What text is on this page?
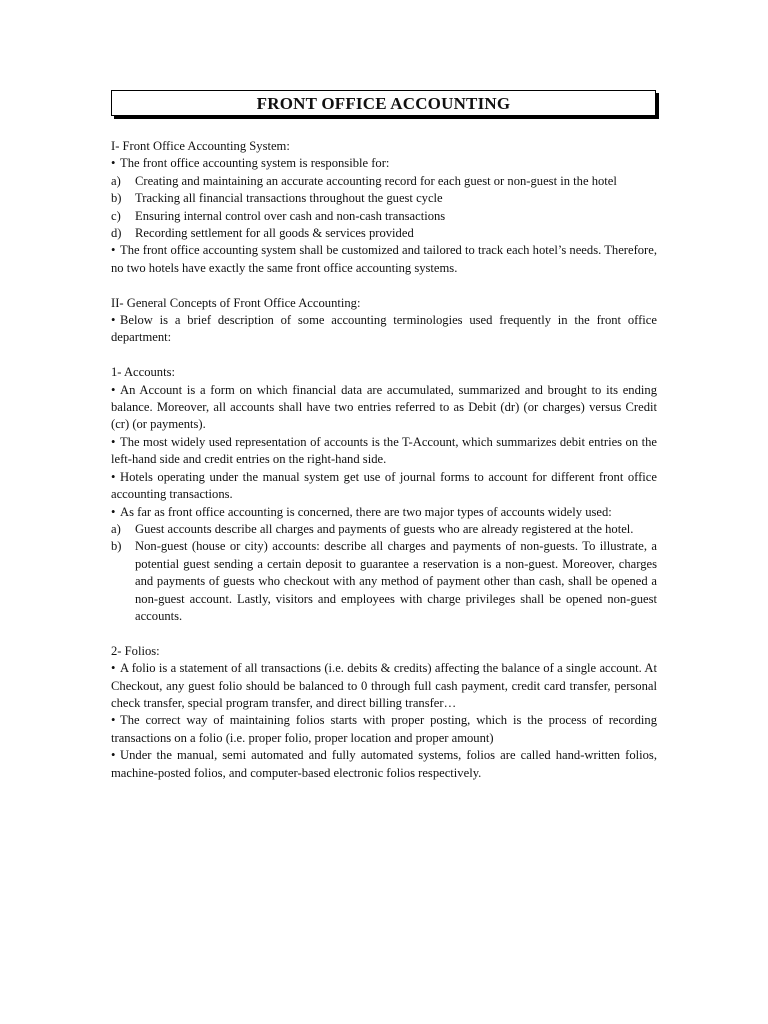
FRONT OFFICE ACCOUNTING

I- Front Office Accounting System:

• The front office accounting system is responsible for:

a) Creating and maintaining an accurate accounting record for each guest or non-guest in the hotel
b) Tracking all financial transactions throughout the guest cycle
c) Ensuring internal control over cash and non-cash transactions
d) Recording settlement for all goods & services provided

• The front office accounting system shall be customized and tailored to track each hotel’s needs. Therefore, no two hotels have exactly the same front office accounting systems.

II- General Concepts of Front Office Accounting:

• Below is a brief description of some accounting terminologies used frequently in the front office department:

1- Accounts:

• An Account is a form on which financial data are accumulated, summarized and brought to its ending balance. Moreover, all accounts shall have two entries referred to as Debit (dr) (or charges) versus Credit (cr) (or payments).

• The most widely used representation of accounts is the T-Account, which summarizes debit entries on the left-hand side and credit entries on the right-hand side.

• Hotels operating under the manual system get use of journal forms to account for different front office accounting transactions.

• As far as front office accounting is concerned, there are two major types of accounts widely used:

a) Guest accounts describe all charges and payments of guests who are already registered at the hotel.
b) Non-guest (house or city) accounts: describe all charges and payments of non-guests. To illustrate, a potential guest sending a certain deposit to guarantee a reservation is a non-guest. Moreover, charges and payments of guests who checkout with any method of payment other than cash, shall be opened a non-guest account. Lastly, visitors and employees with charge privileges shall be opened non-guest accounts.

2- Folios:

• A folio is a statement of all transactions (i.e. debits & credits) affecting the balance of a single account. At Checkout, any guest folio should be balanced to 0 through full cash payment, credit card transfer, personal check transfer, special program transfer, and direct billing transfer…

• The correct way of maintaining folios starts with proper posting, which is the process of recording transactions on a folio (i.e. proper folio, proper location and proper amount)

• Under the manual, semi automated and fully automated systems, folios are called hand-written folios, machine-posted folios, and computer-based electronic folios respectively.
